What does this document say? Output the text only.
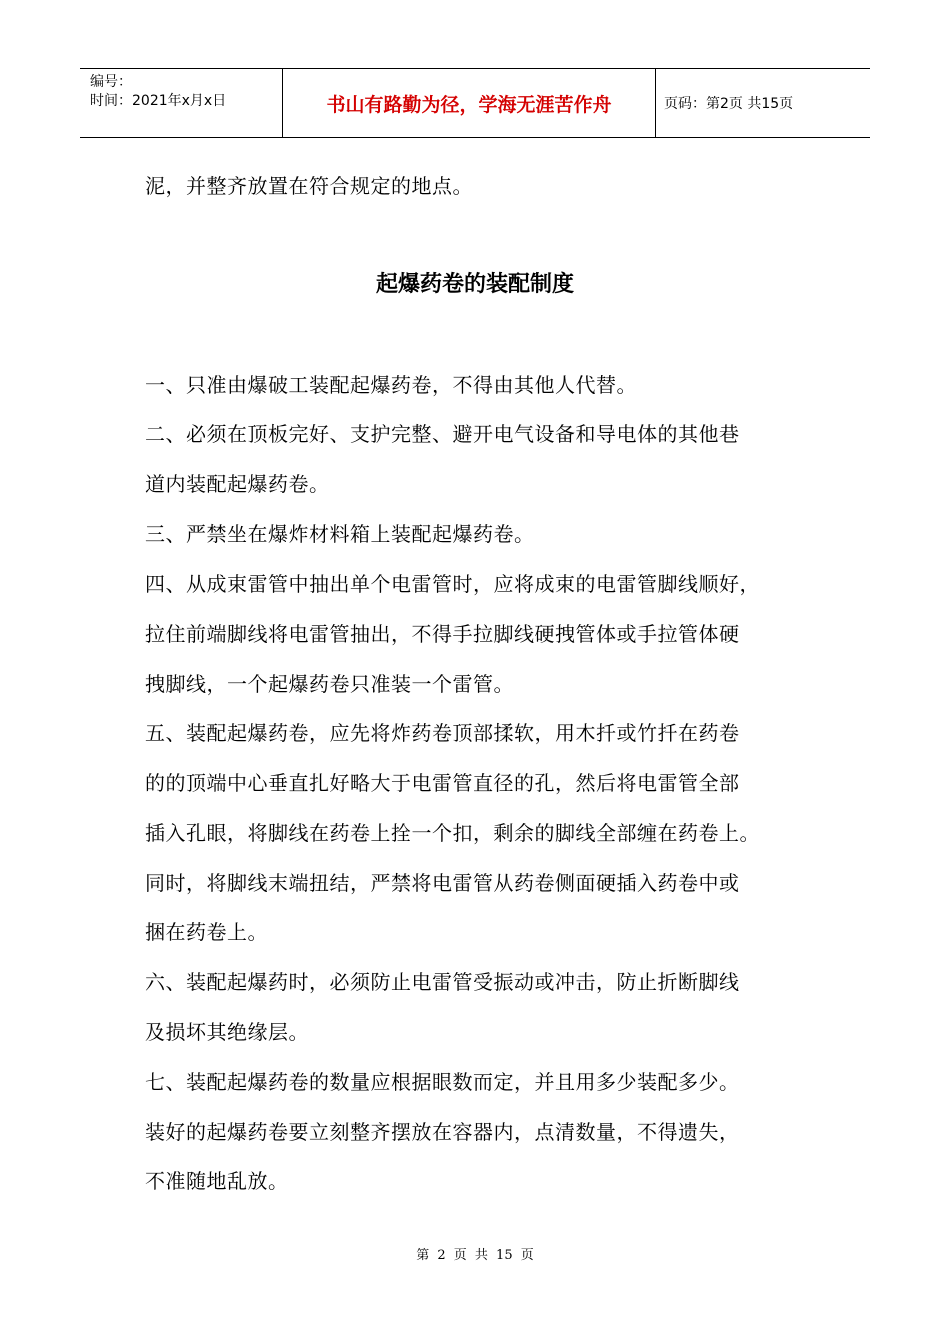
编号：
时间：2021年x月x日	书山有路勤为径，学海无涯苦作舟	页码：第2页 共15页
泥，并整齐放置在符合规定的地点。
一、只准由爆破工装配起爆药卷，不得由其他人代替。
二、必须在顶板完好、支护完整、避开电气设备和导电体的其他巷
道内装配起爆药卷。
三、严禁坐在爆炸材料箱上装配起爆药卷。
四、从成束雷管中抽出单个电雷管时，应将成束的电雷管脚线顺好，
拉住前端脚线将电雷管抽出，不得手拉脚线硬拽管体或手拉管体硬
拽脚线，一个起爆药卷只准装一个雷管。
五、装配起爆药卷，应先将炸药卷顶部揉软，用木扦或竹扦在药卷
的的顶端中心垂直扎好略大于电雷管直径的孔，然后将电雷管全部
插入孔眼，将脚线在药卷上拴一个扣，剩余的脚线全部缠在药卷上。
同时，将脚线末端扭结，严禁将电雷管从药卷侧面硬插入药卷中或
捆在药卷上。
六、装配起爆药时，必须防止电雷管受振动或冲击，防止折断脚线
及损坏其绝缘层。
七、装配起爆药卷的数量应根据眼数而定，并且用多少装配多少。
装好的起爆药卷要立刻整齐摆放在容器内，点清数量，不得遗失，
不准随地乱放。
起爆药卷的装配制度
第 2 页 共 15 页
